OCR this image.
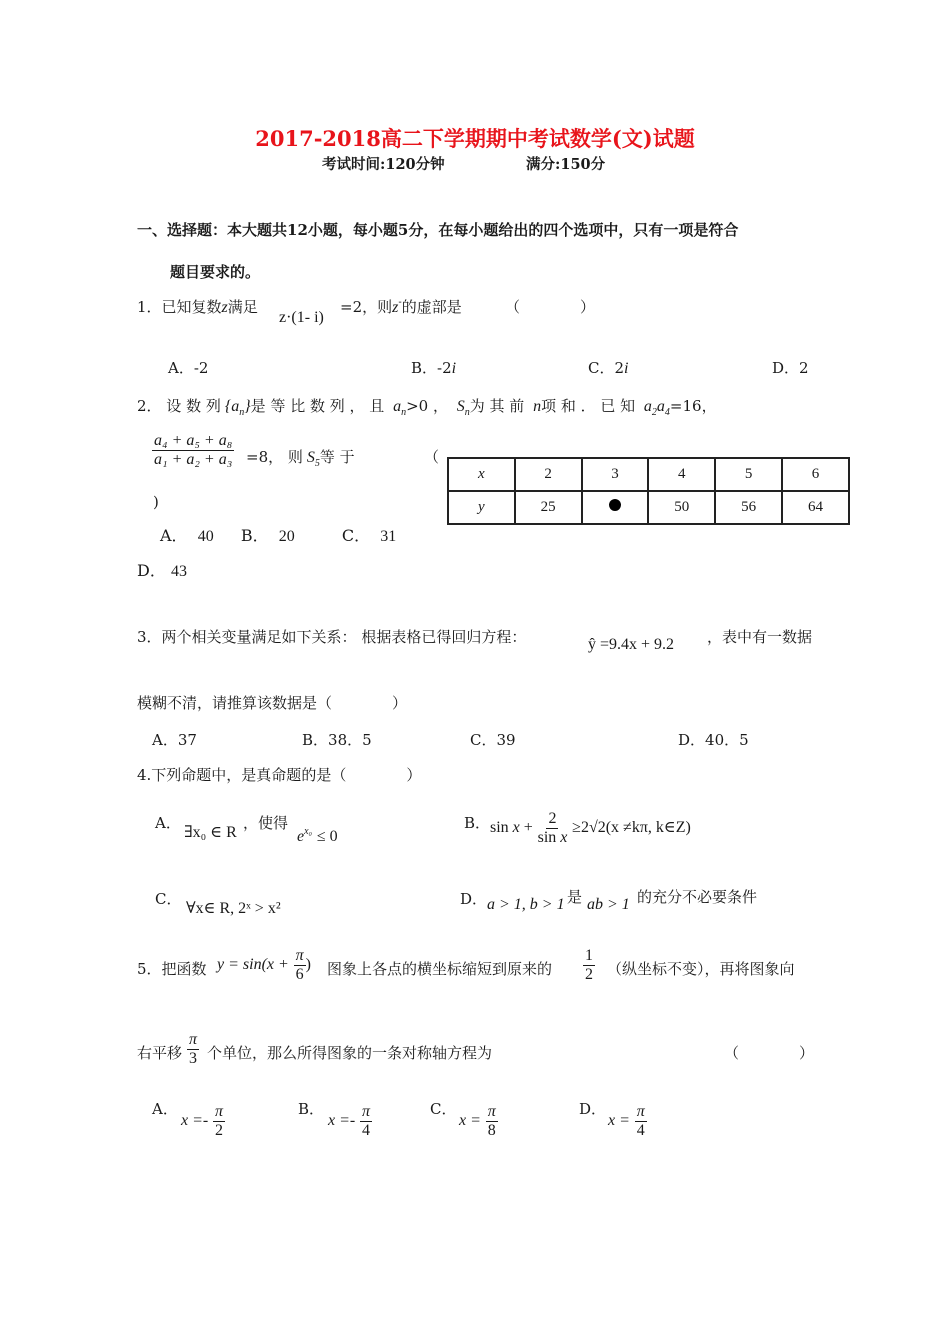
2017-2018高二下学期期中考试数学(文)试题
考试时间:120分钟	满分:150分
一、选择题：本大题共12小题，每小题5分，在每小题给出的四个选项中，只有一项是符合
题目要求的。
1．已知复数z满足
z·(1- i)
=2，则z-的虚部是	（　　　　）
A．-2	B．-2i	C．2i	D．2
2． 设 数 列 $\{a_n\}$是 等 比 数 列 ， 且  $a_n>0$ ，  $S_n$为 其 前  n项 和 ． 已 知  $a_2a_4=16$，
$\frac{\text{a₄ + a₅ + a₈}}{\text{a₁ + a₂ + a₃}} =8$， 则 $S_5$等 于	（
)
A． 40 B． 20	C． 31
D． 43
x	2	3	4	5	6
y	25		50	56	64
3．两个相关变量满足如下关系： 根据表格已得回归方程：	ŷ =9.4x + 9.2 ，表中有一数据
模糊不清，请推算该数据是（　　　　）
A．37	B．38．5	C．39	D．40．5
4.下列命题中，是真命题的是（　　　　）
A．
∃x₀ ∈ R
，使得
$e^{x_0} \le 0$
B． $\sin x + \frac{2}{\text{sin x}} \ge 2√2(x \ne k\pi$, k∈Z)
C．
∀x∈ R, 2ˣ > x²
D． a > 1, b > 1 是 ab > 1 的充分不必要条件
5．把函数 $y = \sin(x + \frac{\pi}{6}$ ) 图象上各点的横坐标缩短到原来的 $\frac{1}{2}$ （纵坐标不变），再将图象向
右平移 $\frac{\pi}{3}$ 个单位，那么所得图象的一条对称轴方程为	（　　　　）
A．
$x =- \frac{\pi}{2}$	B．
$x =- \frac{\pi}{4}$	C．
$x = \frac{\pi}{8}$	D．
$x = \frac{\pi}{4}$
